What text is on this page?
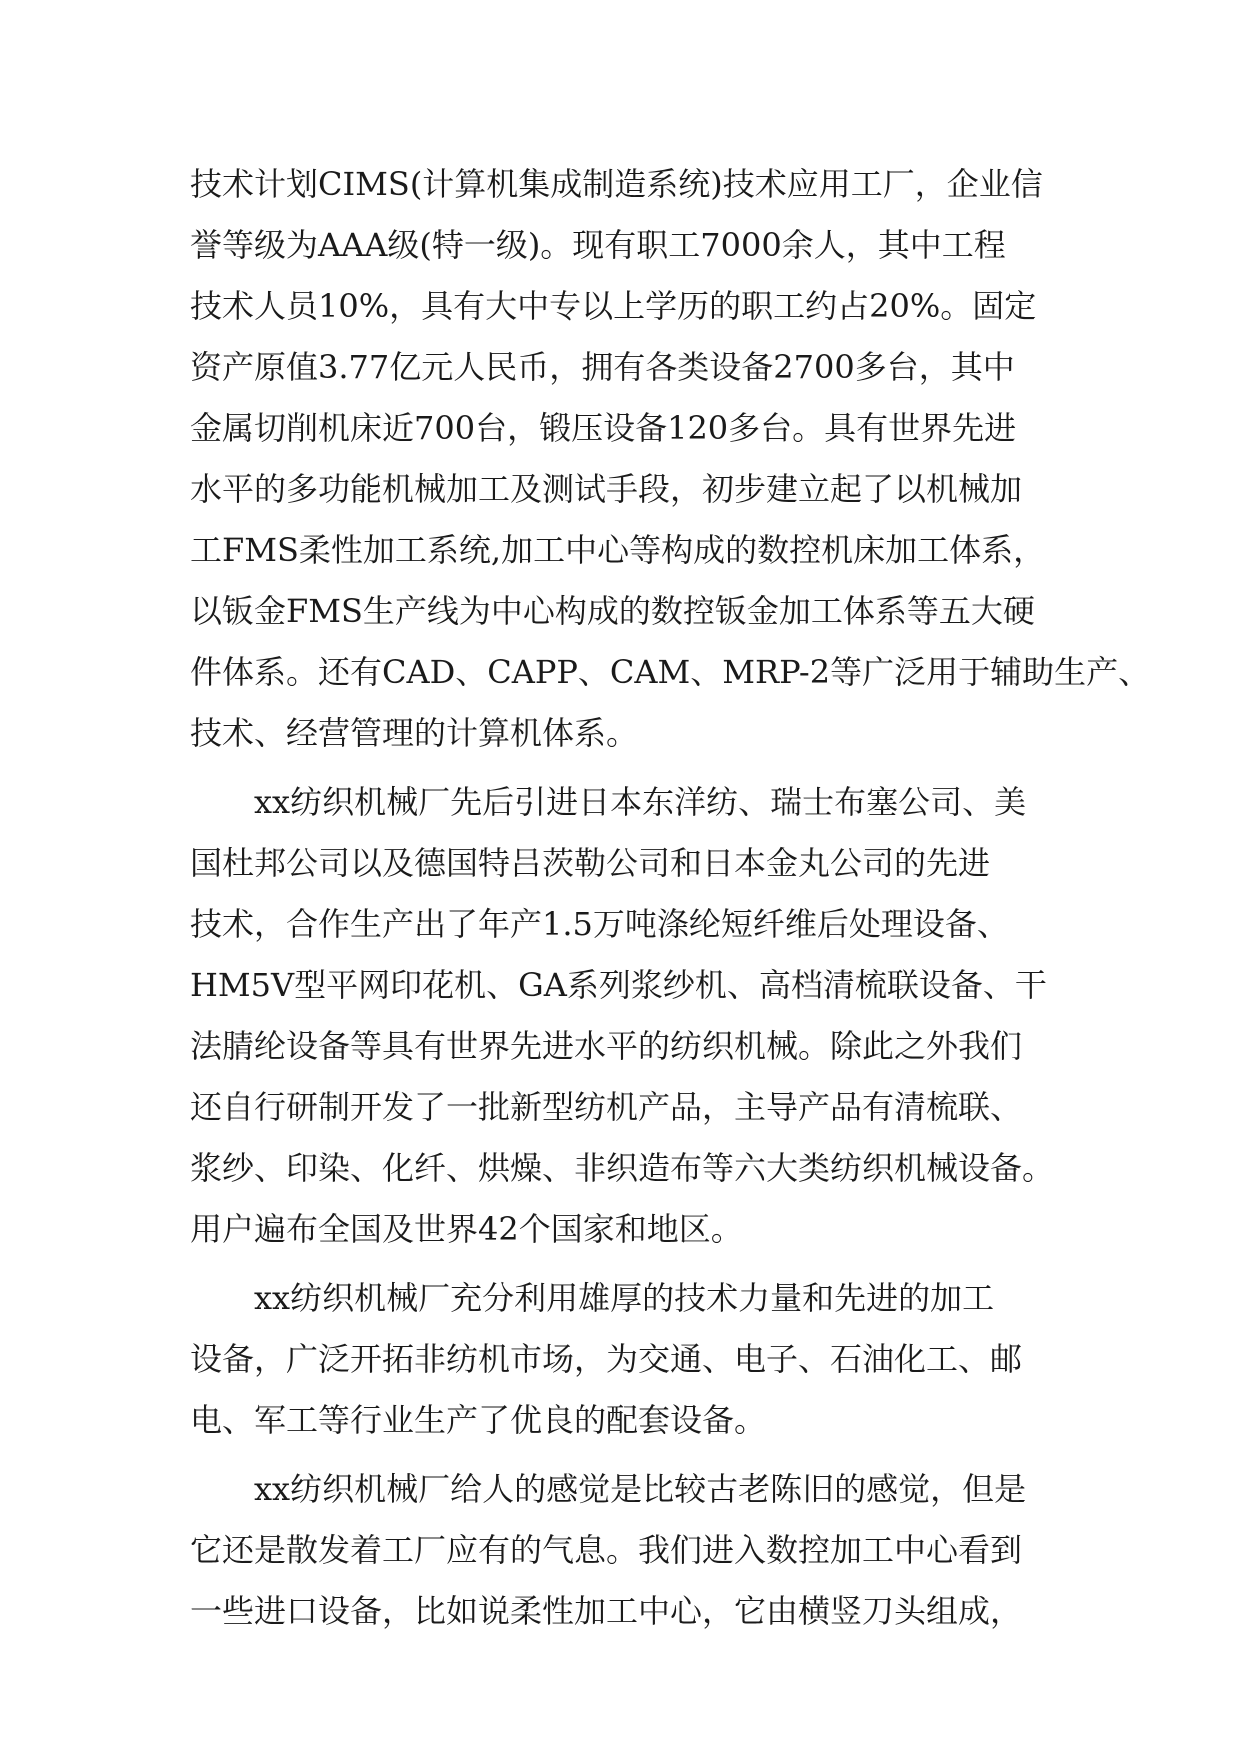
技术计划CIMS(计算机集成制造系统)技术应用工厂，企业信
誉等级为AAA级(特一级)。现有职工7000余人，其中工程
技术人员10%，具有大中专以上学历的职工约占20%。固定
资产原值3.77亿元人民币，拥有各类设备2700多台，其中
金属切削机床近700台，锻压设备120多台。具有世界先进
水平的多功能机械加工及测试手段，初步建立起了以机械加
工FMS柔性加工系统,加工中心等构成的数控机床加工体系，
以钣金FMS生产线为中心构成的数控钣金加工体系等五大硬
件体系。还有CAD、CAPP、CAM、MRP-2等广泛用于辅助生产、
技术、经营管理的计算机体系。
xx纺织机械厂先后引进日本东洋纺、瑞士布塞公司、美
国杜邦公司以及德国特吕茨勒公司和日本金丸公司的先进
技术，合作生产出了年产1.5万吨涤纶短纤维后处理设备、
HM5V型平网印花机、GA系列浆纱机、高档清梳联设备、干
法腈纶设备等具有世界先进水平的纺织机械。除此之外我们
还自行研制开发了一批新型纺机产品，主导产品有清梳联、
浆纱、印染、化纤、烘燥、非织造布等六大类纺织机械设备。
用户遍布全国及世界42个国家和地区。
xx纺织机械厂充分利用雄厚的技术力量和先进的加工
设备，广泛开拓非纺机市场，为交通、电子、石油化工、邮
电、军工等行业生产了优良的配套设备。
xx纺织机械厂给人的感觉是比较古老陈旧的感觉，但是
它还是散发着工厂应有的气息。我们进入数控加工中心看到
一些进口设备，比如说柔性加工中心，它由横竖刀头组成，
